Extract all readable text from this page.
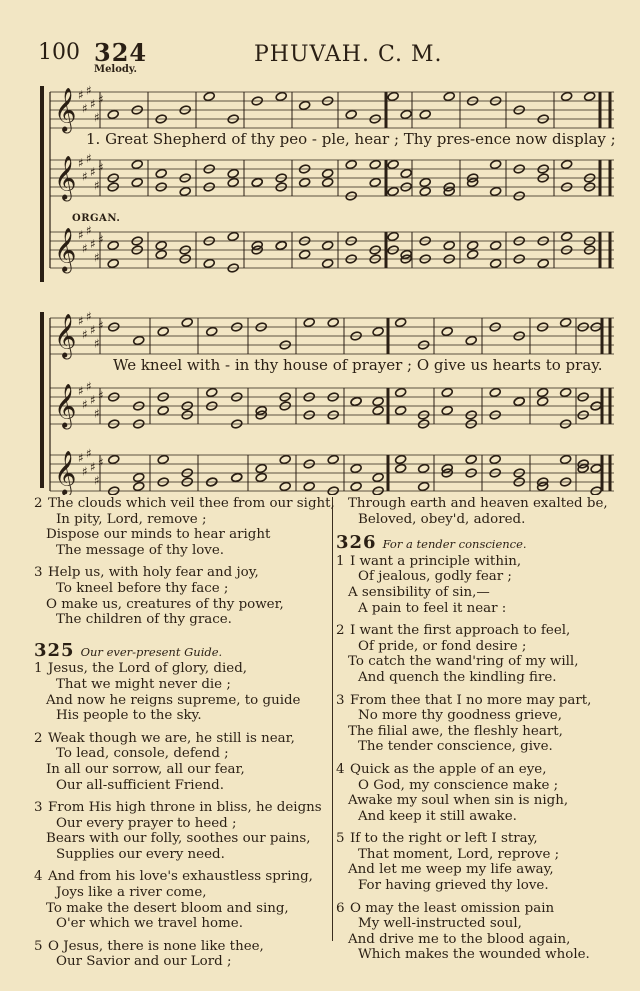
100 324	PHUVAH. C. M.
Melody.
ORGAN.
𝄞 ♯
♯
♯
♯
♯
♯
𝄞 ♯
♯
♯
♯
♯
♯
𝄞 ♯
♯
♯
♯
♯
♯
𝄞 ♯
♯
♯
♯
♯
♯
𝄞 ♯
♯
♯
♯
♯
♯
𝄞 ♯
♯
♯
♯
♯
♯
1. Great Shepherd of thy peo - ple, hear ; Thy pres-ence now display ;
We kneel with - in thy house of prayer ; O give us hearts to pray.
2 The clouds which veil thee from our sight,
In pity, Lord, remove ;
Dispose our minds to hear aright
The message of thy love.
3 Help us, with holy fear and joy,
To kneel before thy face ;
O make us, creatures of thy power,
The children of thy grace.
325 Our ever-present Guide.
1 Jesus, the Lord of glory, died,
That we might never die ;
And now he reigns supreme, to guide
His people to the sky.
2 Weak though we are, he still is near,
To lead, console, defend ;
In all our sorrow, all our fear,
Our all-sufficient Friend.
3 From His high throne in bliss, he deigns
Our every prayer to heed ;
Bears with our folly, soothes our pains,
Supplies our every need.
4 And from his love's exhaustless spring,
Joys like a river come,
To make the desert bloom and sing,
O'er which we travel home.
5 O Jesus, there is none like thee,
Our Savior and our Lord ;
Through earth and heaven exalted be,
Beloved, obey'd, adored.
326 For a tender conscience.
1 I want a principle within,
Of jealous, godly fear ;
A sensibility of sin,—
A pain to feel it near :
2 I want the first approach to feel,
Of pride, or fond desire ;
To catch the wand'ring of my will,
And quench the kindling fire.
3 From thee that I no more may part,
No more thy goodness grieve,
The filial awe, the fleshly heart,
The tender conscience, give.
4 Quick as the apple of an eye,
O God, my conscience make ;
Awake my soul when sin is nigh,
And keep it still awake.
5 If to the right or left I stray,
That moment, Lord, reprove ;
And let me weep my life away,
For having grieved thy love.
6 O may the least omission pain
My well-instructed soul,
And drive me to the blood again,
Which makes the wounded whole.
